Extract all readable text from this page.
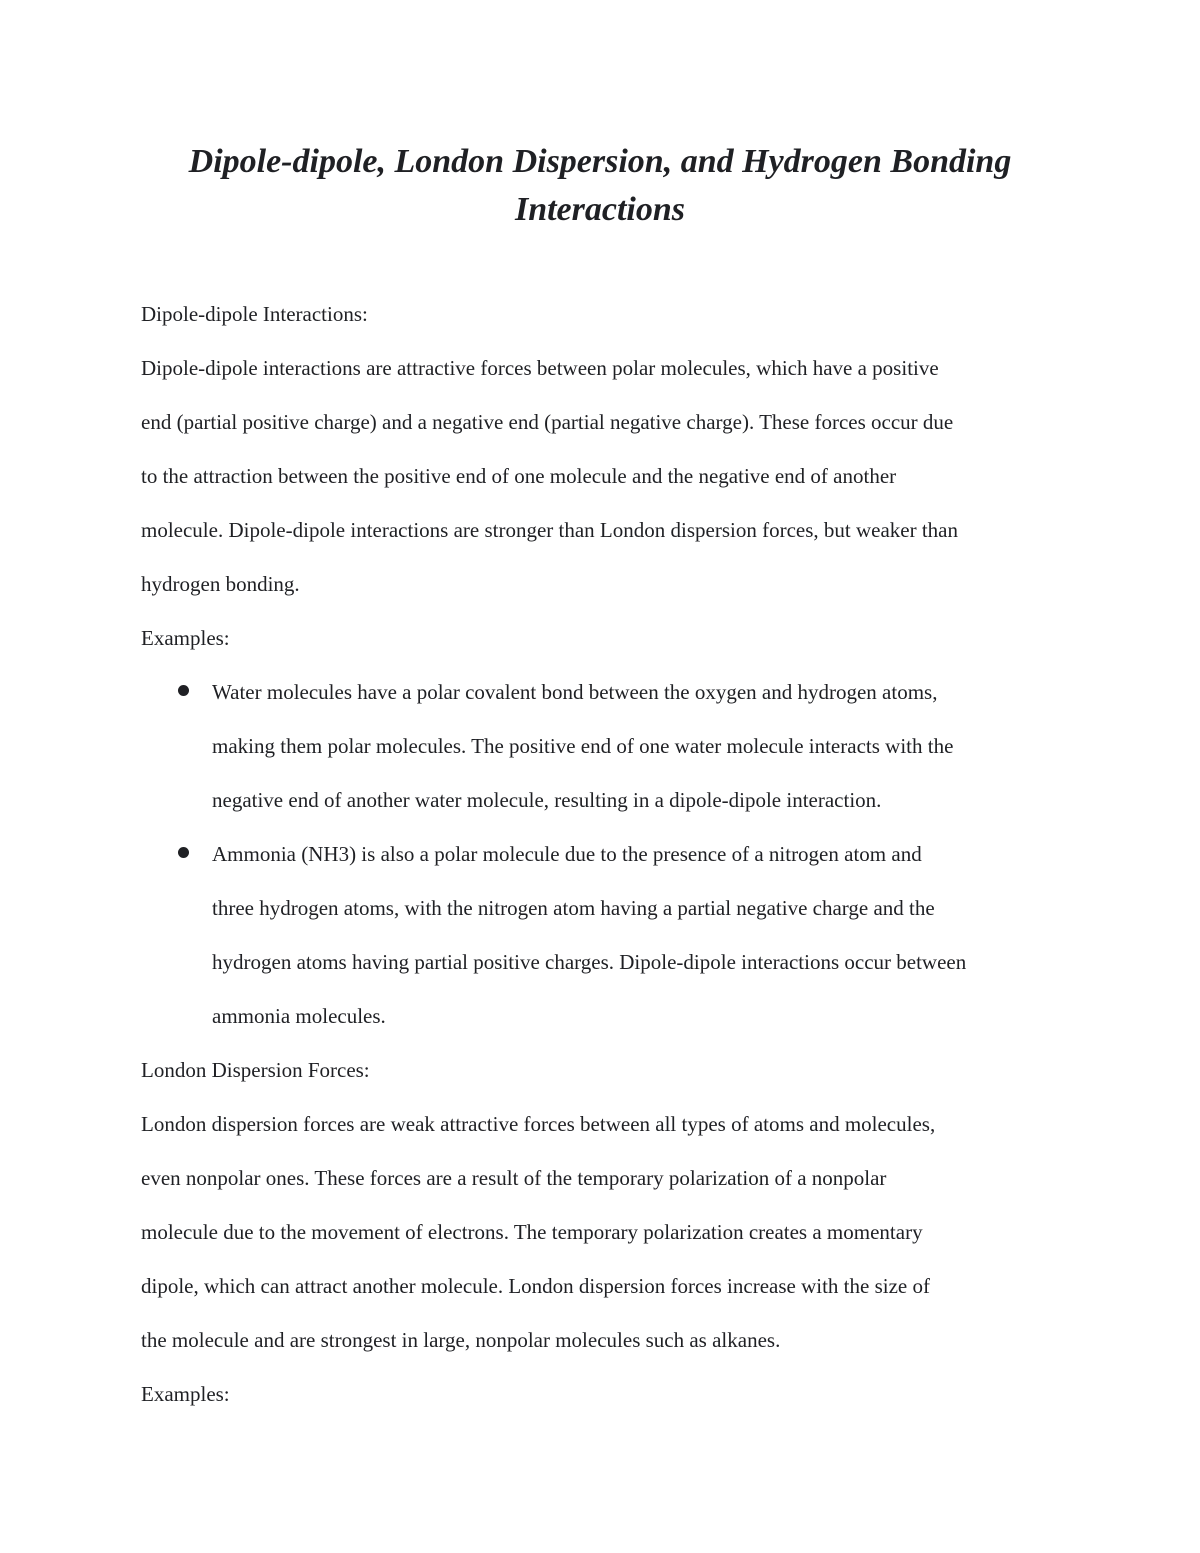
Dipole-dipole, London Dispersion, and Hydrogen Bonding
Interactions

Dipole-dipole Interactions:

Dipole-dipole interactions are attractive forces between polar molecules, which have a positive
end (partial positive charge) and a negative end (partial negative charge). These forces occur due
to the attraction between the positive end of one molecule and the negative end of another
molecule. Dipole-dipole interactions are stronger than London dispersion forces, but weaker than
hydrogen bonding.

Examples:

Water molecules have a polar covalent bond between the oxygen and hydrogen atoms,
making them polar molecules. The positive end of one water molecule interacts with the
negative end of another water molecule, resulting in a dipole-dipole interaction.
Ammonia (NH3) is also a polar molecule due to the presence of a nitrogen atom and
three hydrogen atoms, with the nitrogen atom having a partial negative charge and the
hydrogen atoms having partial positive charges. Dipole-dipole interactions occur between
ammonia molecules.

London Dispersion Forces:

London dispersion forces are weak attractive forces between all types of atoms and molecules,
even nonpolar ones. These forces are a result of the temporary polarization of a nonpolar
molecule due to the movement of electrons. The temporary polarization creates a momentary
dipole, which can attract another molecule. London dispersion forces increase with the size of
the molecule and are strongest in large, nonpolar molecules such as alkanes.

Examples:
